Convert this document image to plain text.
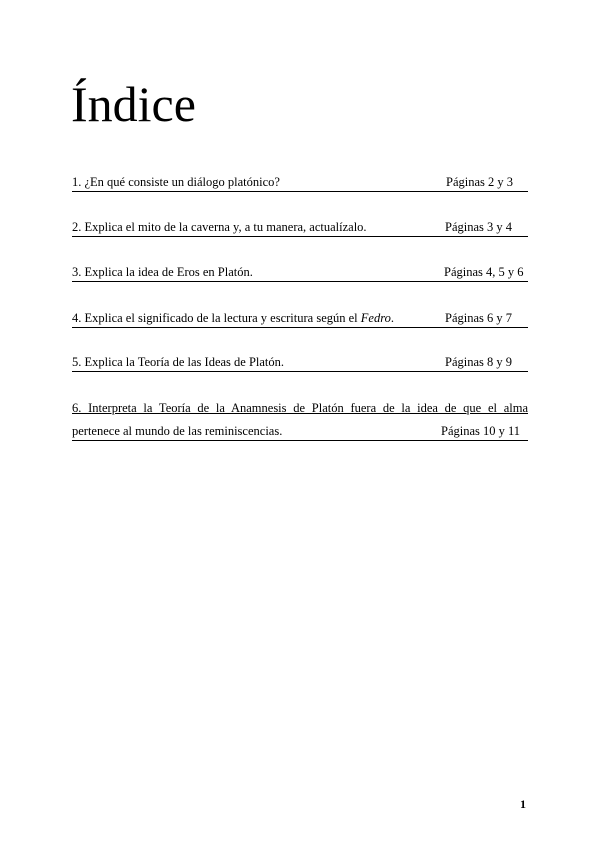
Índice
1. ¿En qué consiste un diálogo platónico?	Páginas 2 y 3
2. Explica el mito de la caverna y, a tu manera, actualízalo.	Páginas 3 y 4
3. Explica la idea de Eros en Platón.	Páginas 4, 5 y 6
4. Explica el significado de la lectura y escritura según el Fedro.	Páginas 6 y 7
5. Explica la Teoría de las Ideas de Platón.	Páginas 8 y 9
6. Interpreta la Teoría de la Anamnesis de Platón fuera de la idea de que el alma
pertenece al mundo de las reminiscencias.	Páginas 10 y 11
1
